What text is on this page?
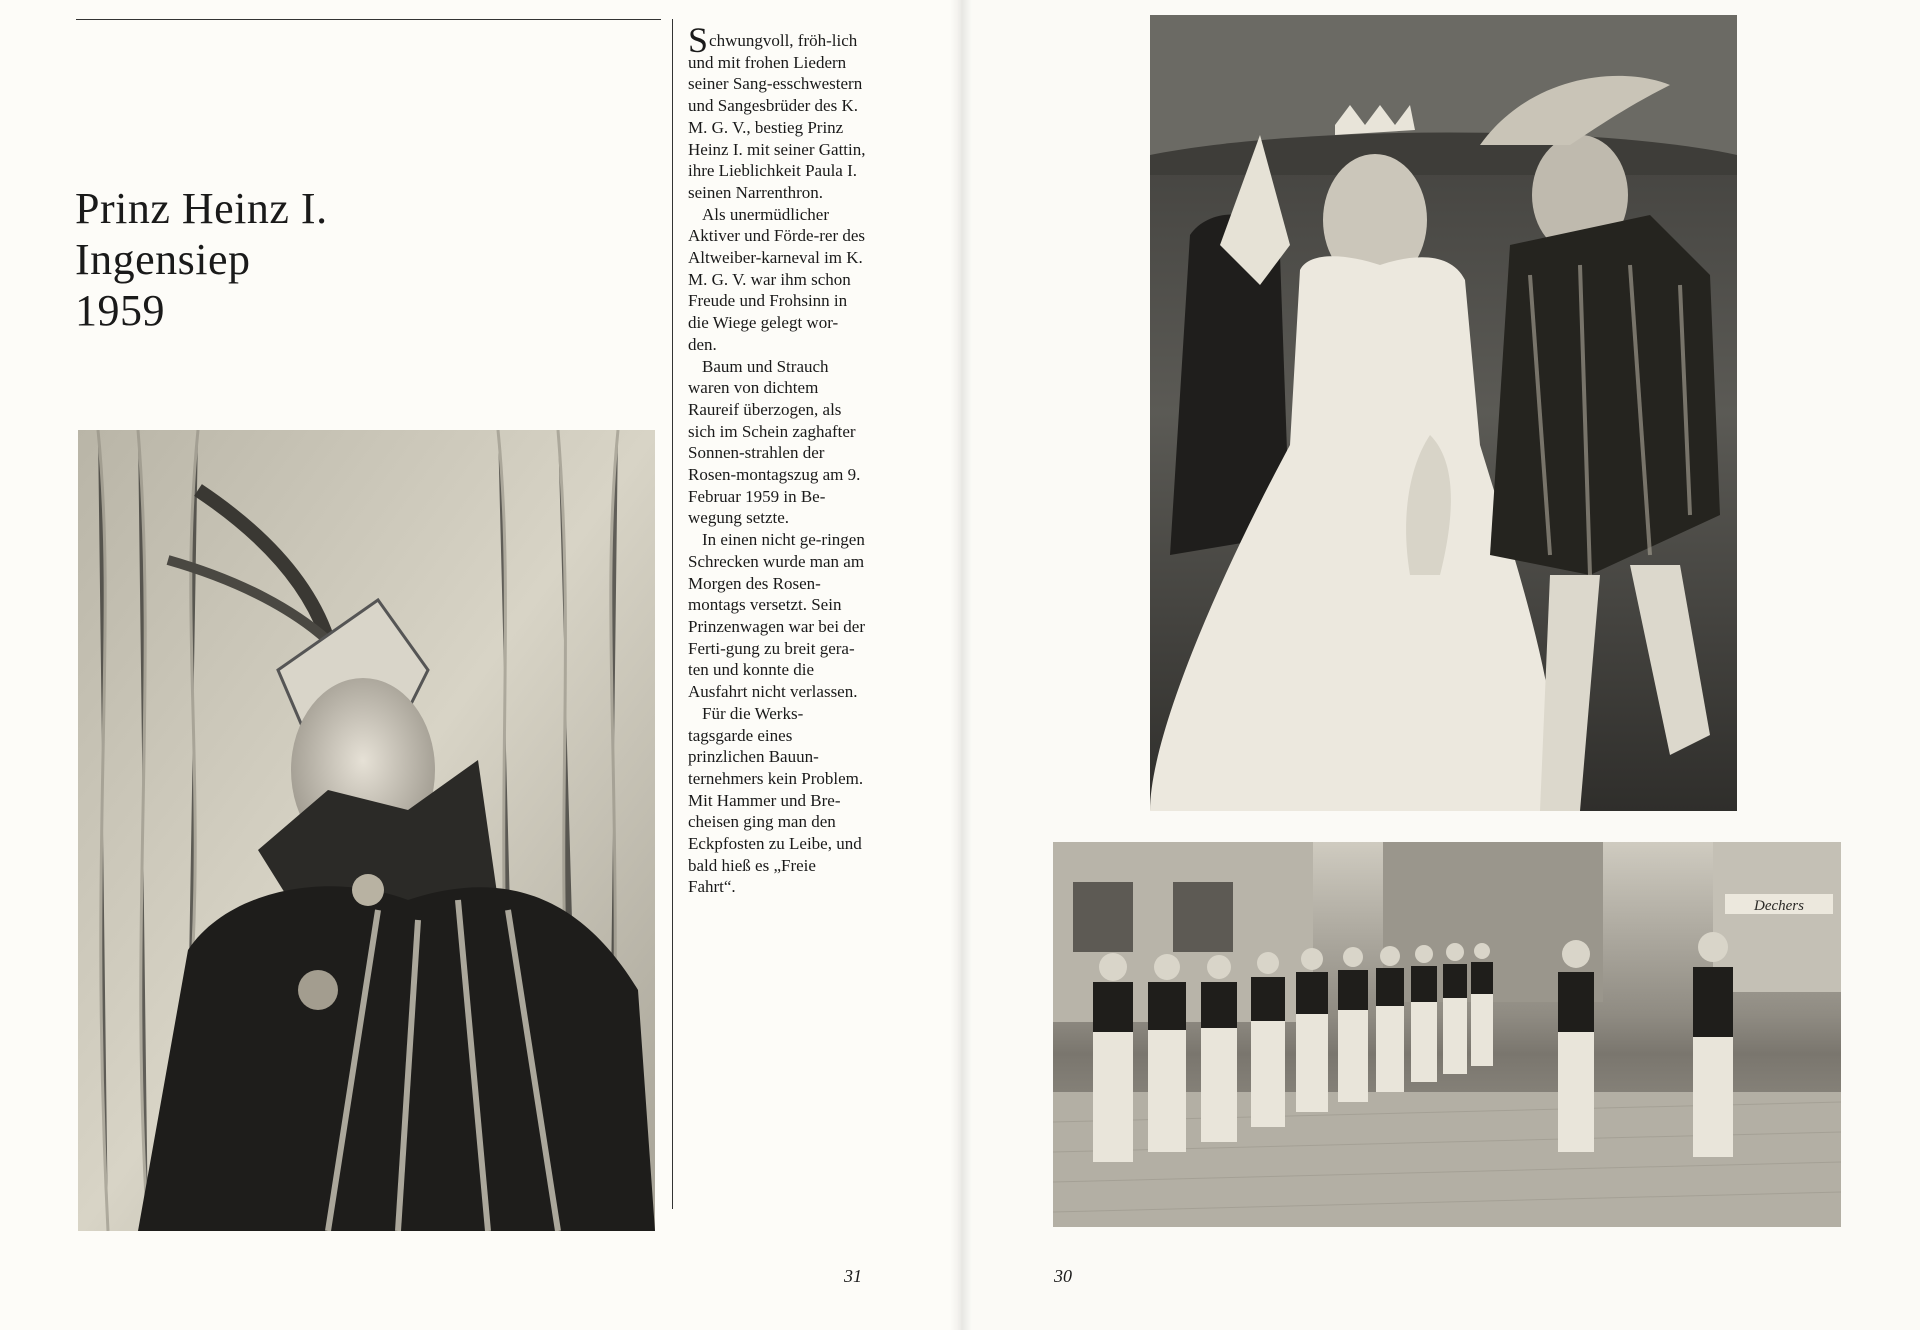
Prinz Heinz I.
Ingensiep
1959

Schwungvoll, fröh-lich und mit frohen Liedern seiner Sang-esschwestern und Sangesbrüder des K. M. G. V., bestieg Prinz Heinz I. mit seiner Gattin, ihre Lieblichkeit Paula I. seinen Narrenthron.

Als unermüdlicher Aktiver und Förde-rer des Altweiber-karneval im K. M. G. V. war ihm schon Freude und Frohsinn in die Wiege gelegt wor-den.

Baum und Strauch waren von dichtem Raureif überzogen, als sich im Schein zaghafter Sonnen-strahlen der Rosen-montagszug am 9. Februar 1959 in Be-wegung setzte.

In einen nicht ge-ringen Schrecken wurde man am Morgen des Rosen-montags versetzt. Sein Prinzenwagen war bei der Ferti-gung zu breit gera-ten und konnte die Ausfahrt nicht verlassen.

Für die Werks-tagsgarde eines prinzlichen Bauun-ternehmers kein Problem. Mit Hammer und Bre-cheisen ging man den Eckpfosten zu Leibe, und bald hieß es „Freie Fahrt“.

Dechers
31	30
